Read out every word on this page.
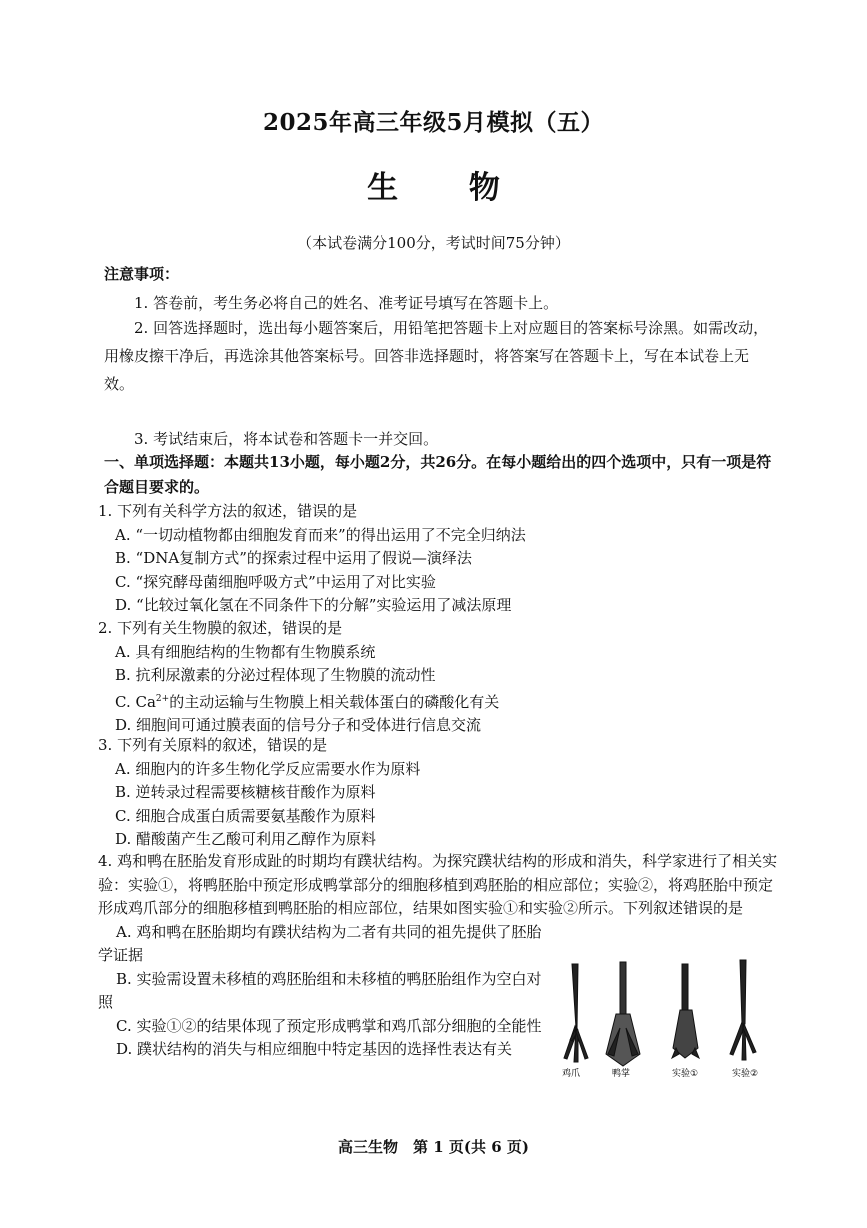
2025年高三年级5月模拟（五）
生 物
（本试卷满分100分，考试时间75分钟）
注意事项：

1. 答卷前，考生务必将自己的姓名、准考证号填写在答题卡上。

2. 回答选择题时，选出每小题答案后，用铅笔把答题卡上对应题目的答案标号涂黑。如需改动，用橡皮擦干净后，再选涂其他答案标号。回答非选择题时，将答案写在答题卡上，写在本试卷上无效。

3. 考试结束后，将本试卷和答题卡一并交回。

一、单项选择题：本题共13小题，每小题2分，共26分。在每小题给出的四个选项中，只有一项是符合题目要求的。

1. 下列有关科学方法的叙述，错误的是

A. “一切动植物都由细胞发育而来”的得出运用了不完全归纳法

B. “DNA复制方式”的探索过程中运用了假说—演绎法

C. “探究酵母菌细胞呼吸方式”中运用了对比实验

D. “比较过氧化氢在不同条件下的分解”实验运用了减法原理

2. 下列有关生物膜的叙述，错误的是

A. 具有细胞结构的生物都有生物膜系统

B. 抗利尿激素的分泌过程体现了生物膜的流动性

C. $Ca^{2+}$的主动运输与生物膜上相关载体蛋白的磷酸化有关

D. 细胞间可通过膜表面的信号分子和受体进行信息交流

3. 下列有关原料的叙述，错误的是

A. 细胞内的许多生物化学反应需要水作为原料

B. 逆转录过程需要核糖核苷酸作为原料

C. 细胞合成蛋白质需要氨基酸作为原料

D. 醋酸菌产生乙酸可利用乙醇作为原料

4. 鸡和鸭在胚胎发育形成趾的时期均有蹼状结构。为探究蹼状结构的形成和消失，科学家进行了相关实验：实验①，将鸭胚胎中预定形成鸭掌部分的细胞移植到鸡胚胎的相应部位；实验②，将鸡胚胎中预定形成鸡爪部分的细胞移植到鸭胚胎的相应部位，结果如图实验①和实验②所示。下列叙述错误的是

A. 鸡和鸭在胚胎期均有蹼状结构为二者有共同的祖先提供了胚胎学证据

B. 实验需设置未移植的鸡胚胎组和未移植的鸭胚胎组作为空白对照

C. 实验①②的结果体现了预定形成鸭掌和鸡爪部分细胞的全能性

D. 蹼状结构的消失与相应细胞中特定基因的选择性表达有关

鸡爪	鸭掌	实验①	实验②
高三生物　第 1 页(共 6 页)
